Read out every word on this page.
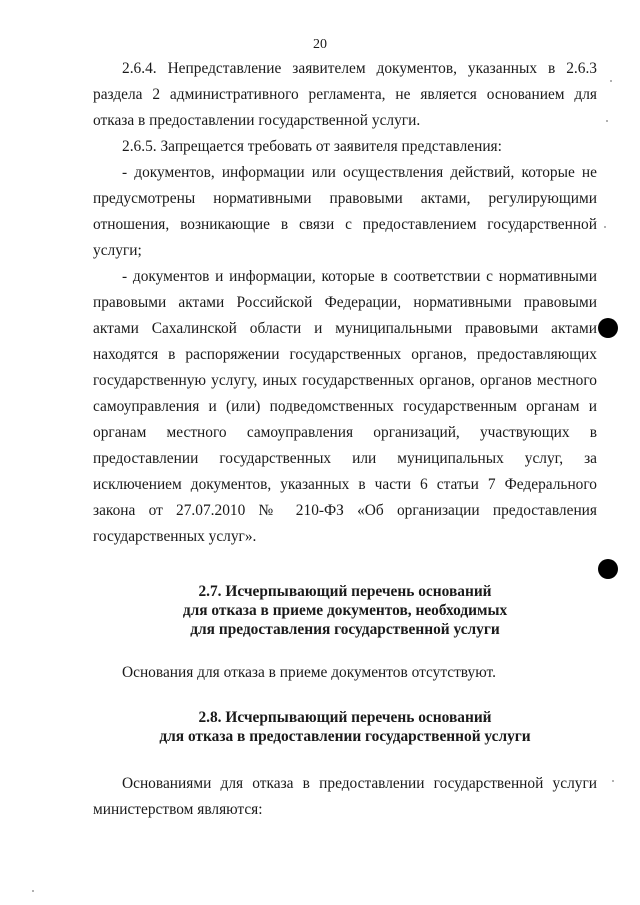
20

2.6.4. Непредставление заявителем документов, указанных в 2.6.3 раздела 2 административного регламента, не является основанием для отказа в предоставлении государственной услуги.

2.6.5. Запрещается требовать от заявителя представления:

- документов, информации или осуществления действий, которые не предусмотрены нормативными правовыми актами, регулирующими отношения, возникающие в связи с предоставлением государственной услуги;

- документов и информации, которые в соответствии с нормативными правовыми актами Российской Федерации, нормативными правовыми актами Сахалинской области и муниципальными правовыми актами находятся в распоряжении государственных органов, предоставляющих государственную услугу, иных государственных органов, органов местного самоуправления и (или) подведомственных государственным органам и органам местного самоуправления организаций, участвующих в предоставлении государственных или муниципальных услуг, за исключением документов, указанных в части 6 статьи 7 Федерального закона от 27.07.2010 № 210-ФЗ «Об организации предоставления государственных услуг».

2.7. Исчерпывающий перечень оснований
для отказа в приеме документов, необходимых
для предоставления государственной услуги

Основания для отказа в приеме документов отсутствуют.

2.8. Исчерпывающий перечень оснований
для отказа в предоставлении государственной услуги

Основаниями для отказа в предоставлении государственной услуги министерством являются:
